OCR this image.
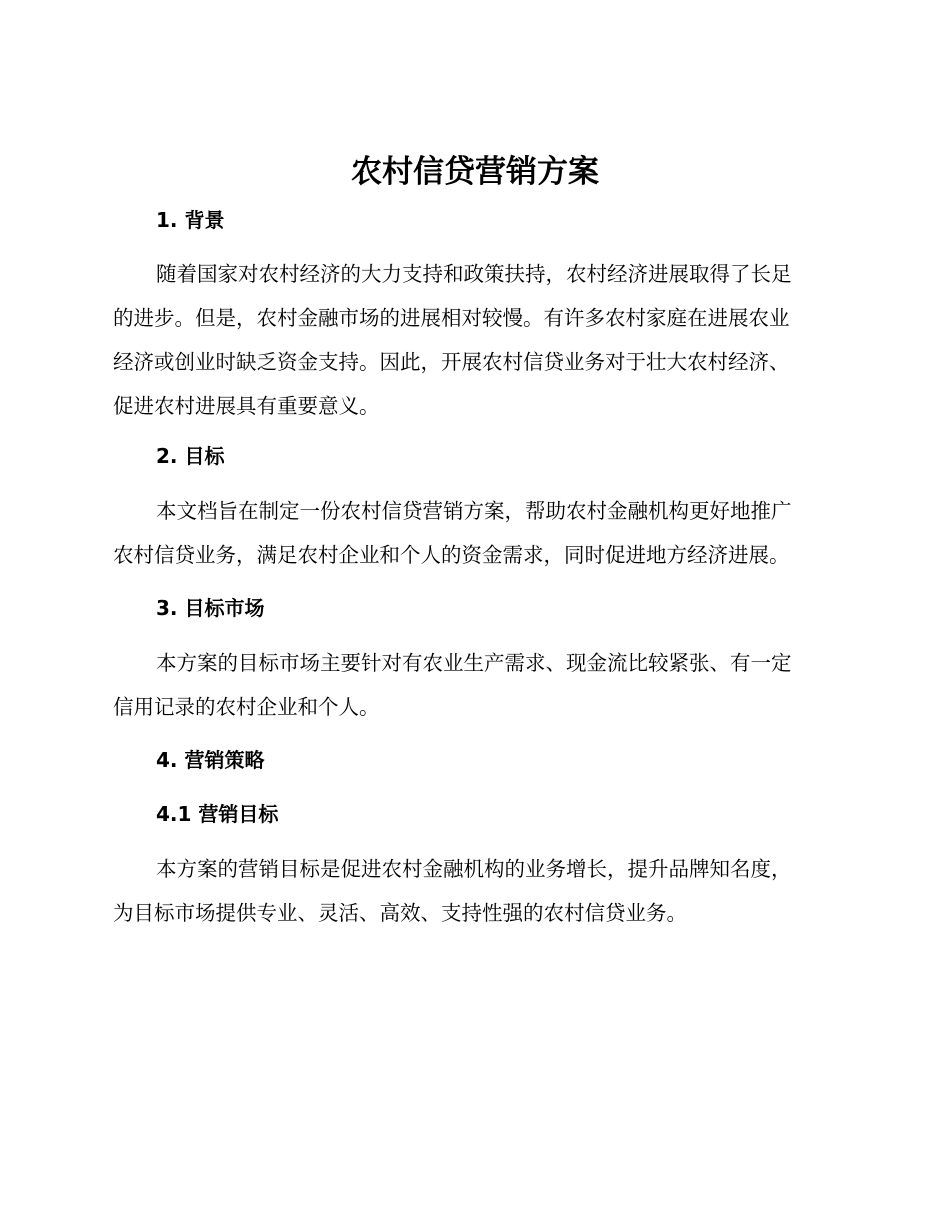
农村信贷营销方案
1. 背景

随着国家对农村经济的大力支持和政策扶持，农村经济进展取得了长足
的进步。但是，农村金融市场的进展相对较慢。有许多农村家庭在进展农业
经济或创业时缺乏资金支持。因此，开展农村信贷业务对于壮大农村经济、
促进农村进展具有重要意义。

2. 目标

本文档旨在制定一份农村信贷营销方案，帮助农村金融机构更好地推广
农村信贷业务，满足农村企业和个人的资金需求，同时促进地方经济进展。

3. 目标市场

本方案的目标市场主要针对有农业生产需求、现金流比较紧张、有一定
信用记录的农村企业和个人。

4. 营销策略
4.1 营销目标

本方案的营销目标是促进农村金融机构的业务增长，提升品牌知名度，
为目标市场提供专业、灵活、高效、支持性强的农村信贷业务。
